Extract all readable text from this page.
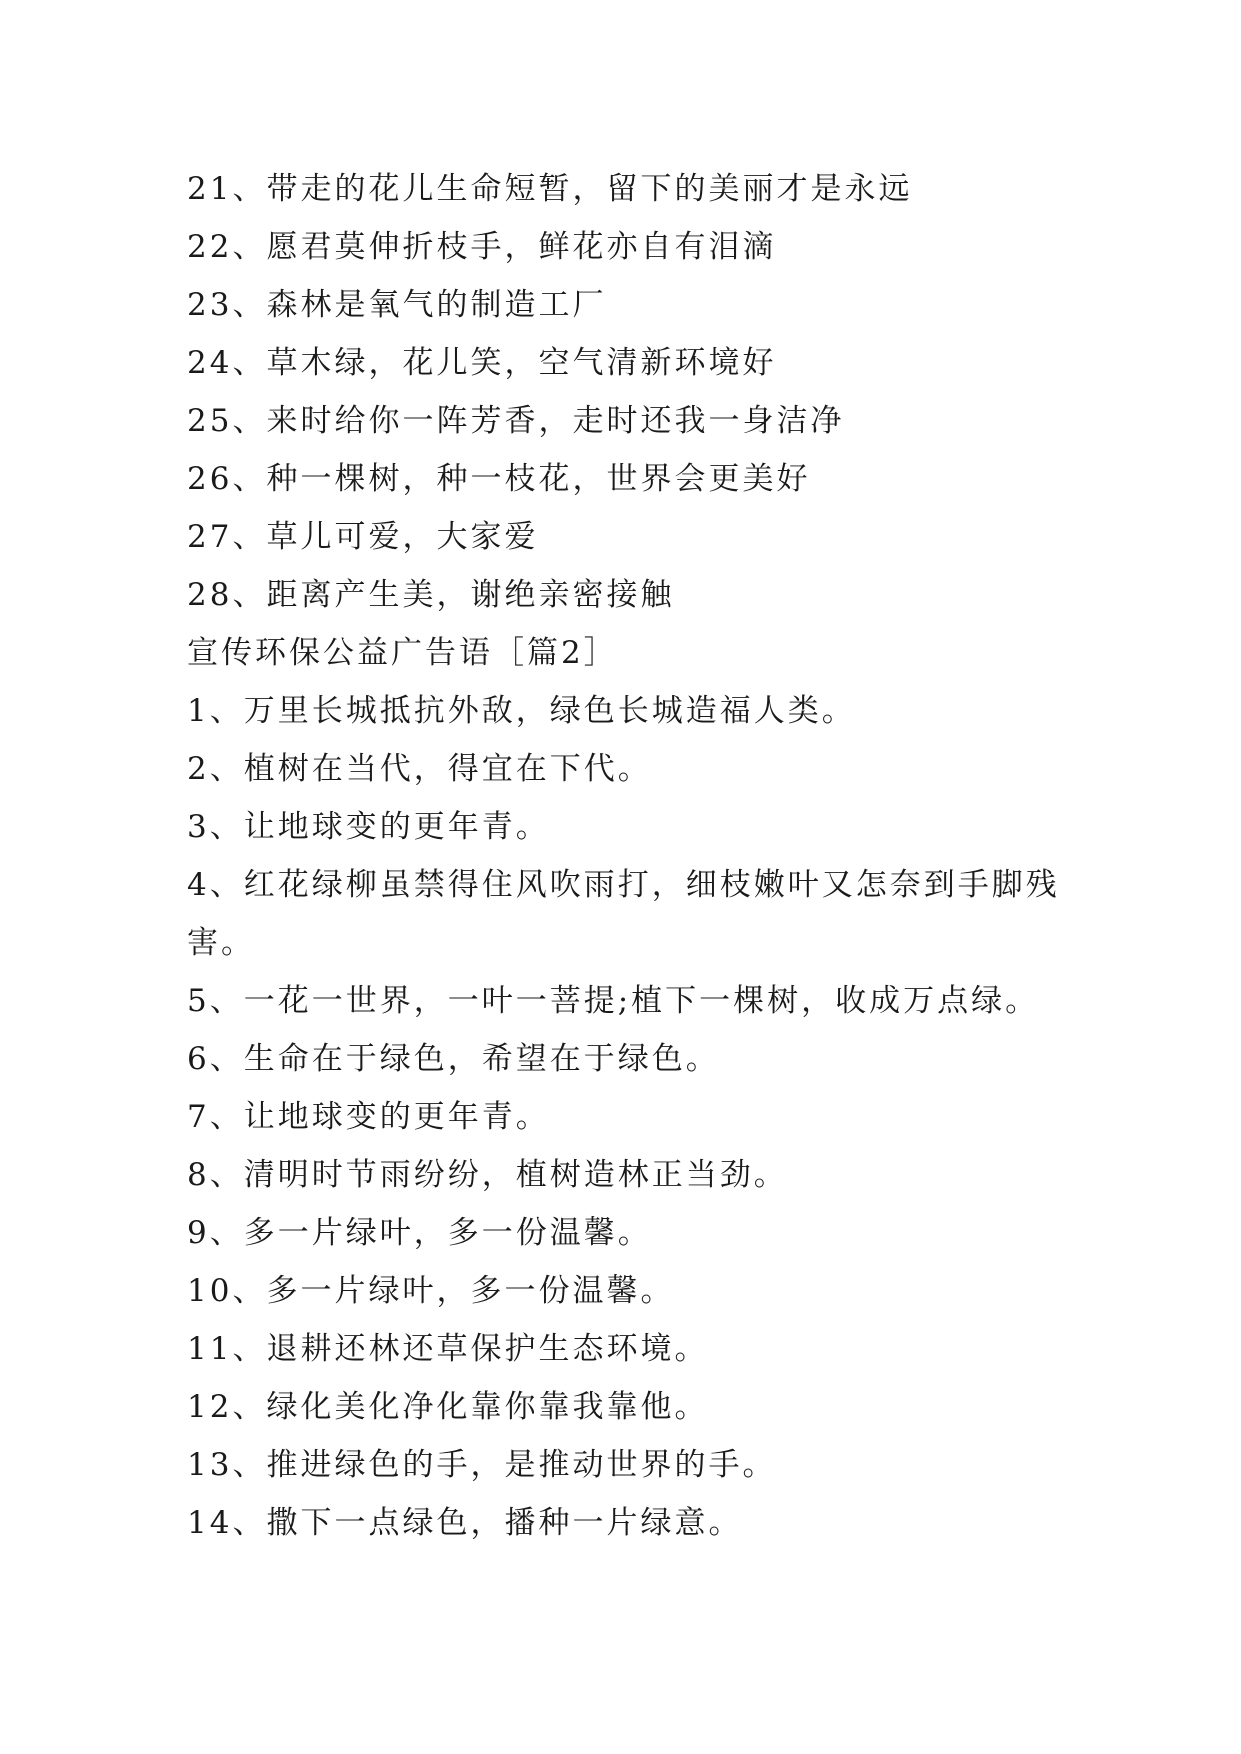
21、带走的花儿生命短暂，留下的美丽才是永远
22、愿君莫伸折枝手，鲜花亦自有泪滴
23、森林是氧气的制造工厂
24、草木绿，花儿笑，空气清新环境好
25、来时给你一阵芳香，走时还我一身洁净
26、种一棵树，种一枝花，世界会更美好
27、草儿可爱，大家爱
28、距离产生美，谢绝亲密接触
宣传环保公益广告语［篇2］
1、万里长城抵抗外敌，绿色长城造福人类。
2、植树在当代，得宜在下代。
3、让地球变的更年青。
4、红花绿柳虽禁得住风吹雨打，细枝嫩叶又怎奈到手脚残
害。
5、一花一世界，一叶一菩提;植下一棵树，收成万点绿。
6、生命在于绿色，希望在于绿色。
7、让地球变的更年青。
8、清明时节雨纷纷，植树造林正当劲。
9、多一片绿叶，多一份温馨。
10、多一片绿叶，多一份温馨。
11、退耕还林还草保护生态环境。
12、绿化美化净化靠你靠我靠他。
13、推进绿色的手，是推动世界的手。
14、撒下一点绿色，播种一片绿意。
